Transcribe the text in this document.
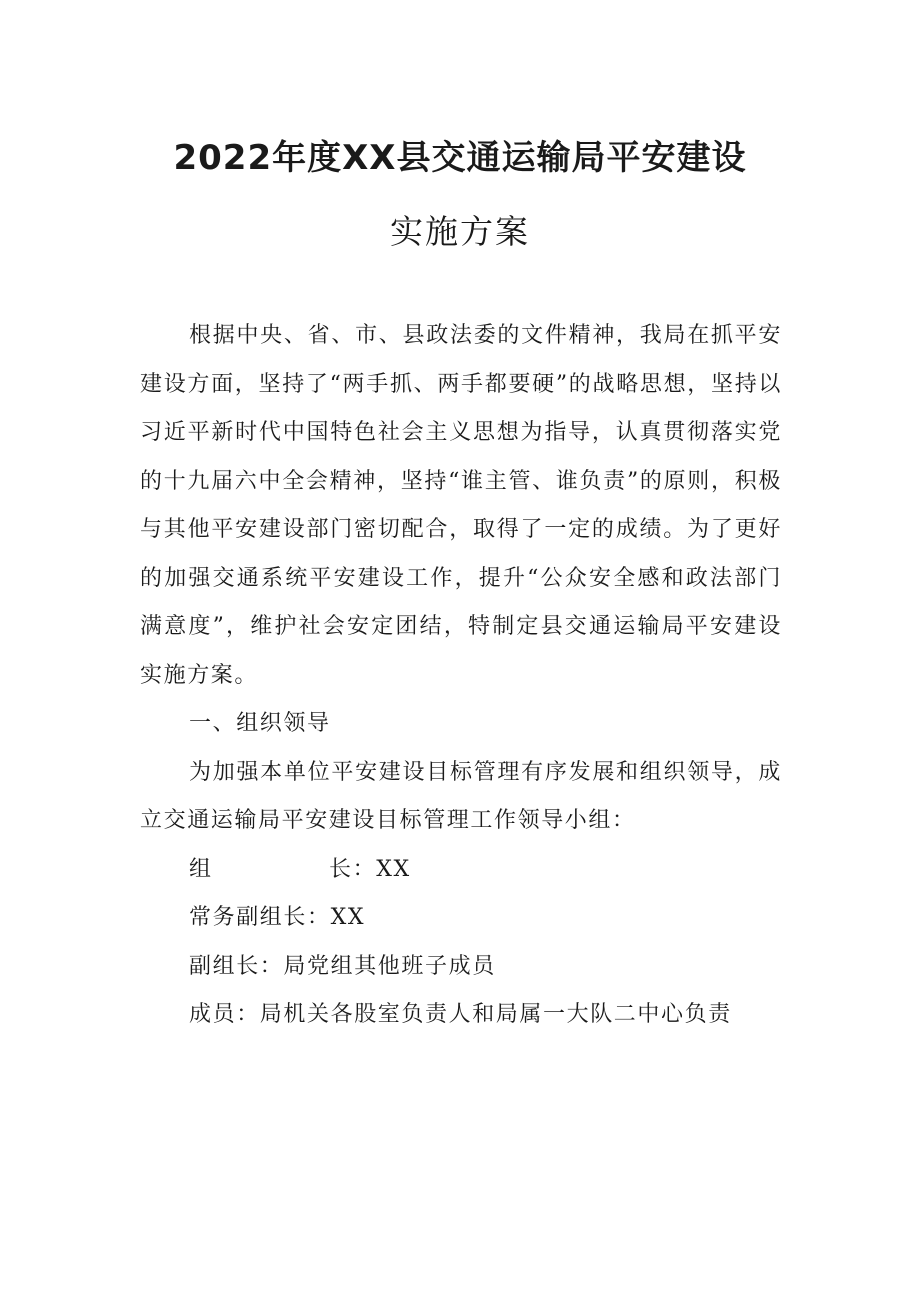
2022年度XX县交通运输局平安建设
实施方案

根据中央、省、市、县政法委的文件精神，我局在抓平安建设方面，坚持了“两手抓、两手都要硬”的战略思想，坚持以习近平新时代中国特色社会主义思想为指导，认真贯彻落实党的十九届六中全会精神，坚持“谁主管、谁负责”的原则，积极与其他平安建设部门密切配合，取得了一定的成绩。为了更好的加强交通系统平安建设工作，提升“公众安全感和政法部门满意度”，维护社会安定团结，特制定县交通运输局平安建设实施方案。

一、组织领导

为加强本单位平安建设目标管理有序发展和组织领导，成立交通运输局平安建设目标管理工作领导小组：

组	长：XX

常务副组长：XX

副组长：局党组其他班子成员

成员：局机关各股室负责人和局属一大队二中心负责
